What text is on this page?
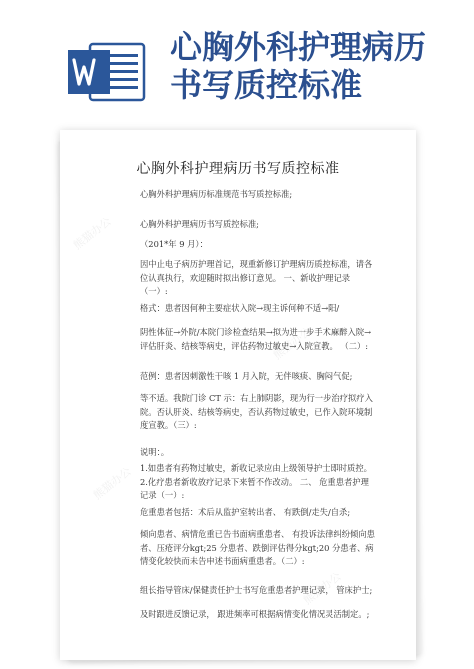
心胸外科护理病历
书写质控标准
熊猫办公
熊猫办公
熊猫办公
熊猫办公
心胸外科护理病历书写质控标准
心胸外科护理病历标准规范书写质控标准;
心胸外科护理病历书写质控标准;
（201*年 9 月）：
因中止电子病历护理首记，现重新修订护理病历质控标准，请各位认真执行，欢迎随时拟出修订意见。 一、新收护理记录（一）:
格式：患者因何种主要症状入院→现主诉何种不适→阳/
阴性体征→外院/本院门诊检查结果→拟为进一步手术麻醉入院→评估肝炎、结核等病史，评估药物过敏史→入院宣教。 （二）:
范例：患者因刺激性干咳 1 月入院，无伴咳痰、胸闷气促;
等不适。我院门诊 CT 示：右上肺阴影，现为行一步治疗拟疗入院。否认肝炎、结核等病史，否认药物过敏史，已作入院环境制度宣教。（三）:
说明：。
1.如患者有药物过敏史，新收记录应由上级领导护士即时质控。 2.化疗患者新收放疗记录下来暂不作改动。 二、 危重患者护理记录（一）:
危重患者包括：术后从监护室转出者、 有跌倒/走失/自杀;
倾向患者、病情危重已告书面病重患者、 有投诉法律纠纷倾向患者、压疮评分kgt;25 分患者、跌倒评估得分kgt;20 分患者、病情变化较快而未告申述书面病重患者。（二）:
组长指导管床/保健责任护士书写危重患者护理记录， 管床护士;
及时跟进反馈记录， 跟进频率可根据病情变化情况灵活制定。;
